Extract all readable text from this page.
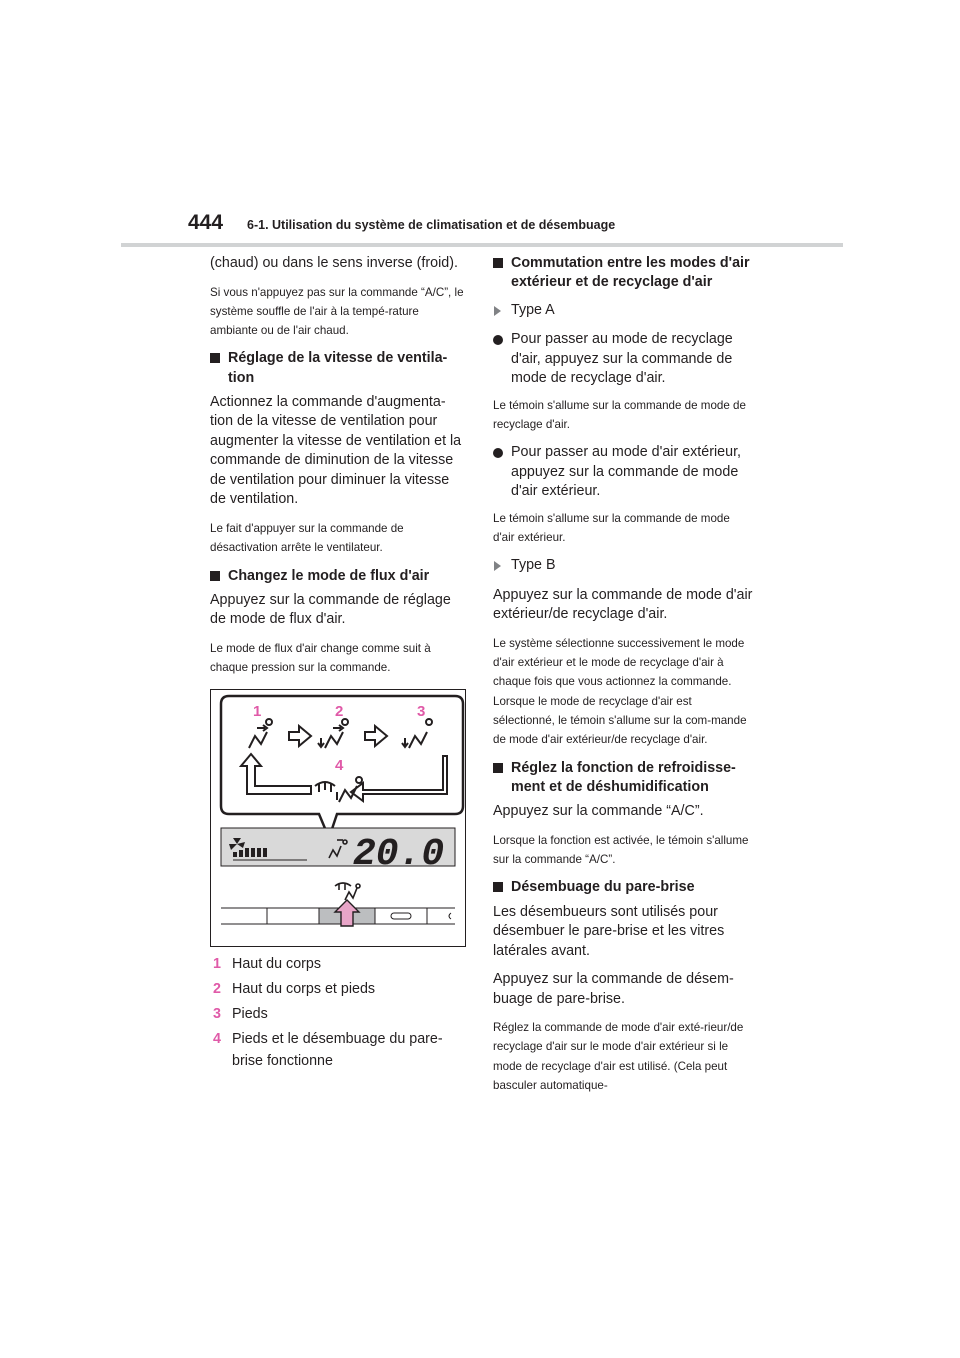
444 6-1. Utilisation du système de climatisation et de désembuage

(chaud) ou dans le sens inverse (froid).

Si vous n'appuyez pas sur la commande “A/C”, le système souffle de l'air à la tempé-rature ambiante ou de l'air chaud.

Réglage de la vitesse de ventila-tion

Actionnez la commande d'augmenta-tion de la vitesse de ventilation pour augmenter la vitesse de ventilation et la commande de diminution de la vitesse de ventilation pour diminuer la vitesse de ventilation.

Le fait d'appuyer sur la commande de désactivation arrête le ventilateur.

Changez le mode de flux d'air

Appuyez sur la commande de réglage de mode de flux d'air.

Le mode de flux d'air change comme suit à chaque pression sur la commande.

20.0
1	2	3
4
1 Haut du corps
2 Haut du corps et pieds
3 Pieds
4 Pieds et le désembuage du pare-brise fonctionne
Commutation entre les modes d'air extérieur et de recyclage d'air
Type A
Pour passer au mode de recyclage d'air, appuyez sur la commande de mode de recyclage d'air.

Le témoin s'allume sur la commande de mode de recyclage d'air.

Pour passer au mode d'air extérieur, appuyez sur la commande de mode d'air extérieur.

Le témoin s'allume sur la commande de mode d'air extérieur.

Type B

Appuyez sur la commande de mode d'air extérieur/de recyclage d'air.

Le système sélectionne successivement le mode d'air extérieur et le mode de recyclage d'air à chaque fois que vous actionnez la commande.

Lorsque le mode de recyclage d'air est sélectionné, le témoin s'allume sur la com-mande de mode d'air extérieur/de recyclage d'air.

Réglez la fonction de refroidisse-ment et de déshumidification

Appuyez sur la commande “A/C”.

Lorsque la fonction est activée, le témoin s'allume sur la commande “A/C”.

Désembuage du pare-brise

Les désembueurs sont utilisés pour désembuer le pare-brise et les vitres latérales avant.

Appuyez sur la commande de désem-buage de pare-brise.

Réglez la commande de mode d'air exté-rieur/de recyclage d'air sur le mode d'air extérieur si le mode de recyclage d'air est utilisé. (Cela peut basculer automatique-
